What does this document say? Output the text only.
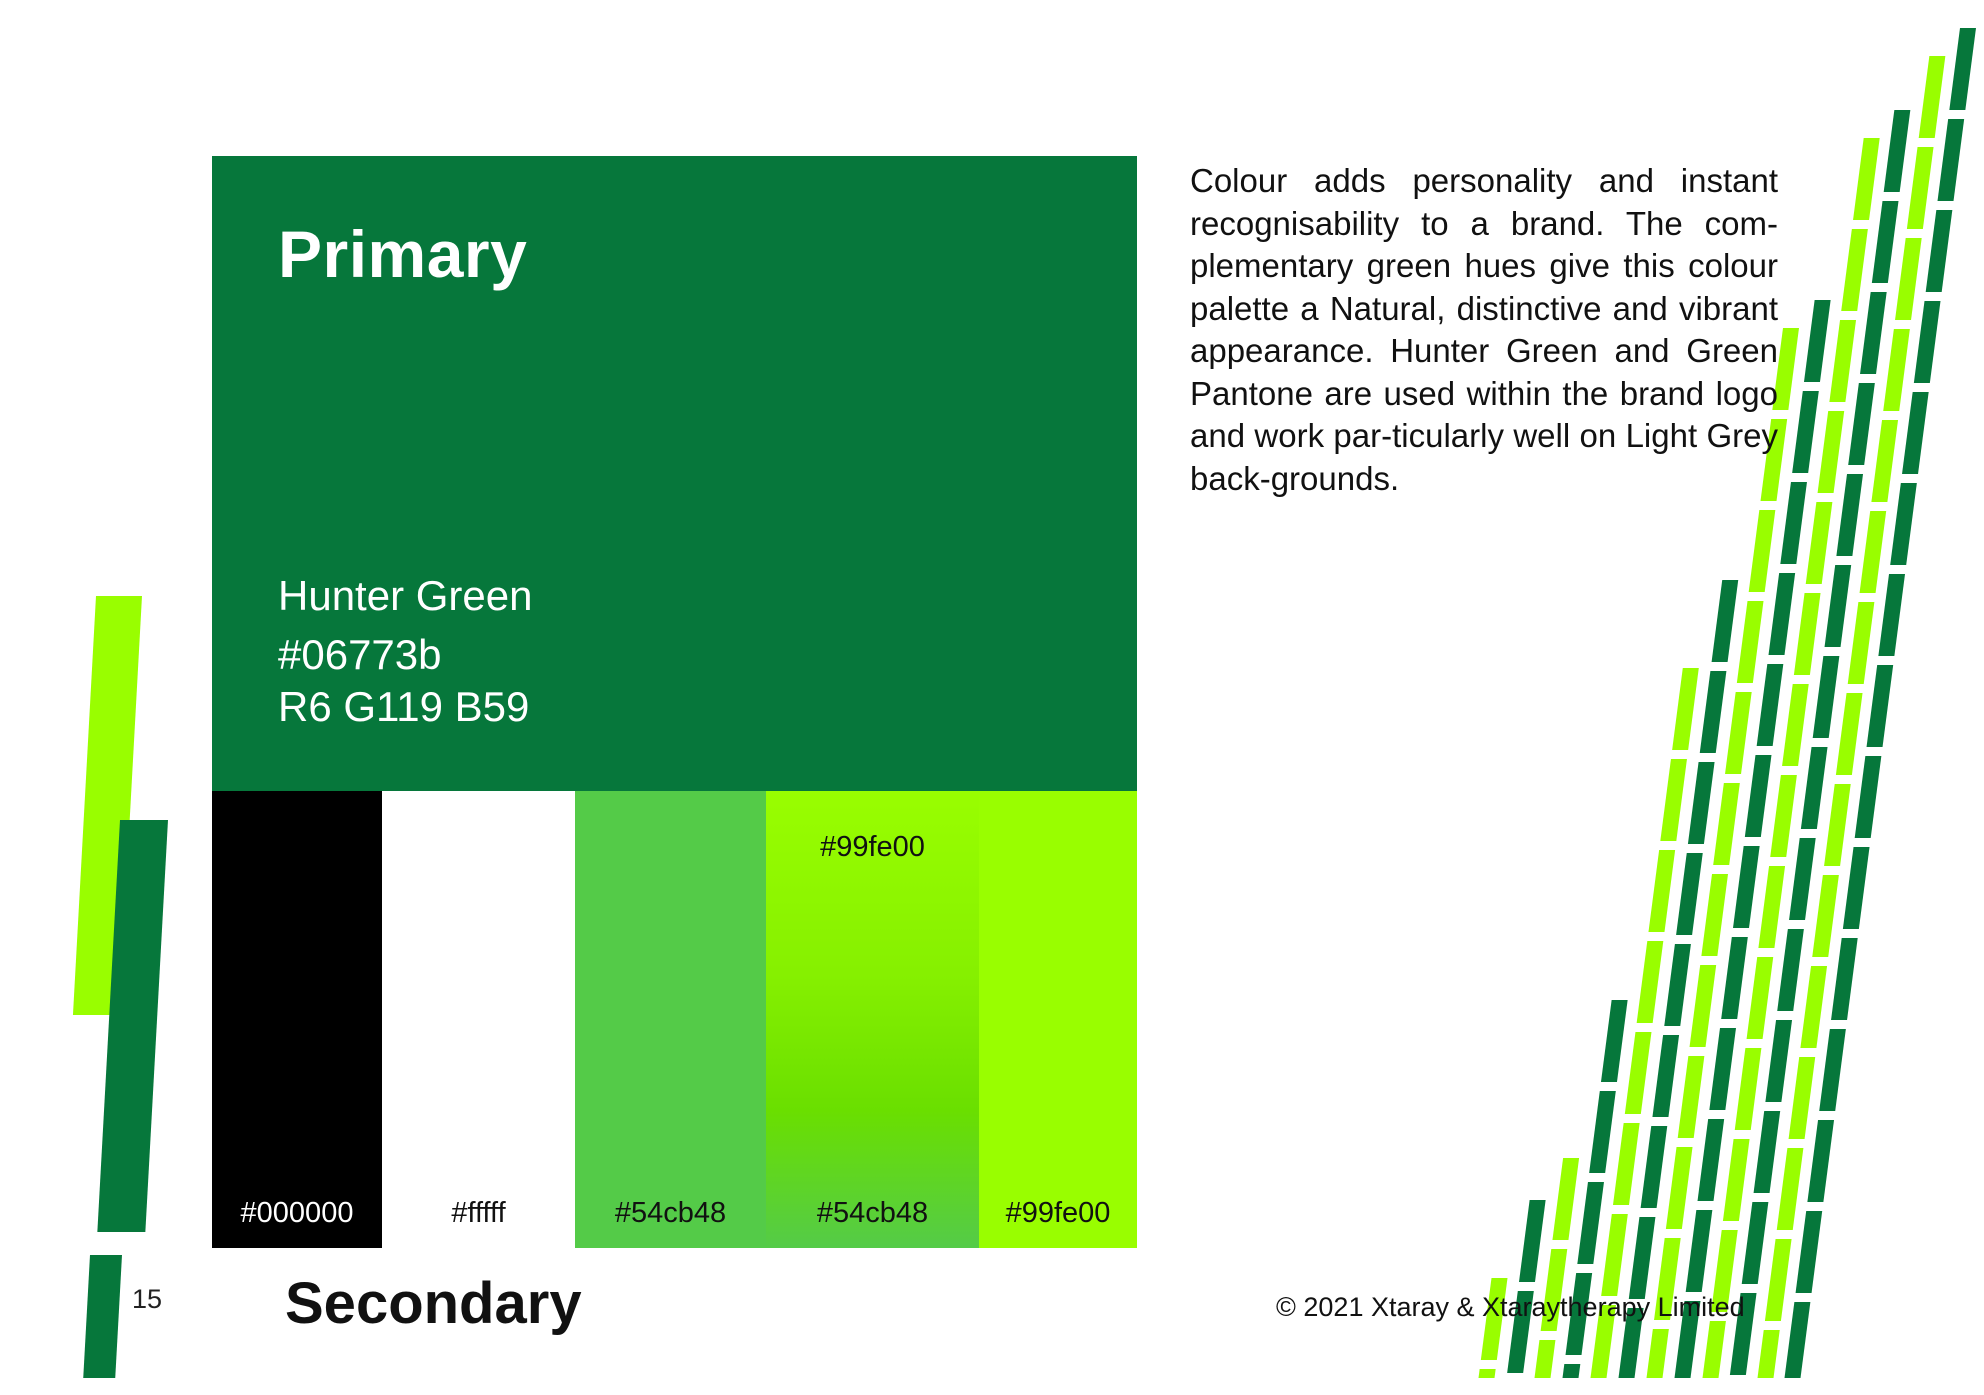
Primary
Hunter Green
#06773b
R6 G119 B59
#000000	#fffff	#54cb48
#99fe00
#54cb48	#99fe00
Secondary
15
Colour adds personality and instant recognisability to a brand. The com-plementary green hues give this colour palette a Natural, distinctive and vibrant appearance. Hunter Green and Green Pantone are used within the brand logo and work par-ticularly well on Light Grey back-grounds.
© 2021 Xtaray & Xtaraytherapy Limited
